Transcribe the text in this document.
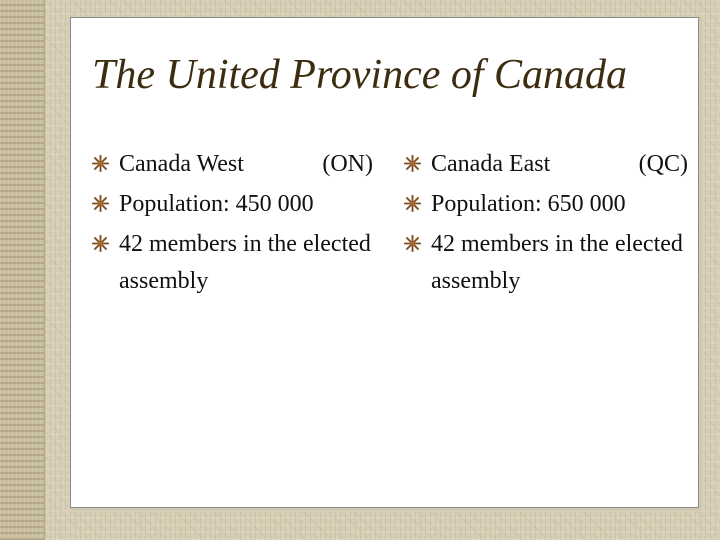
The United Province of Canada
Canada West	(ON)
Population: 450 000
42 members in the elected assembly
Canada East	(QC)
Population: 650 000
42 members in the elected assembly
